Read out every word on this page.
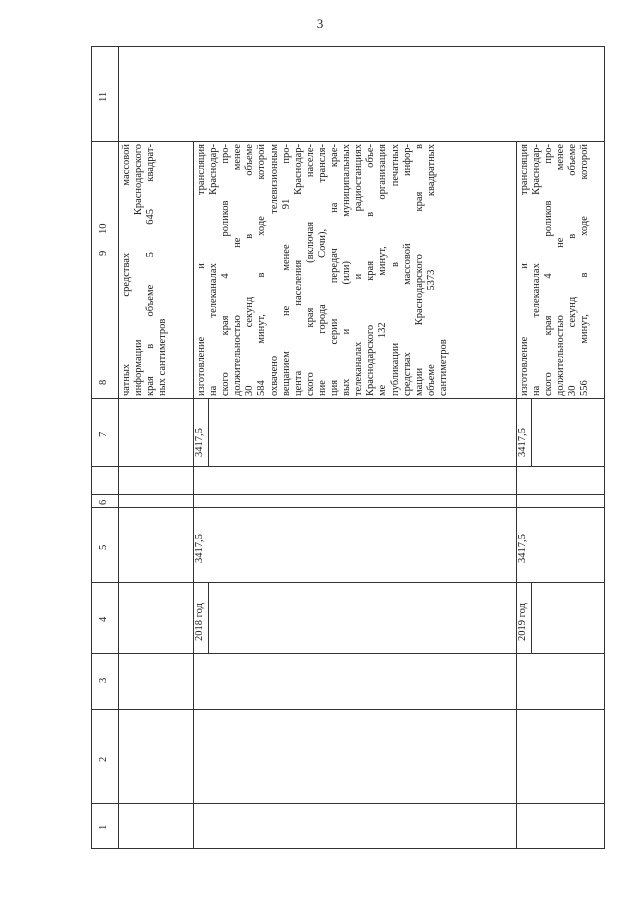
3
1
2
3
4
5
6
7
8
9
10
11
чатных средствах массовой информации Краснодарского края в объеме 5 645 квадрат- ных сантиметров
2018 год
3417,5
3417,5
изготовление и трансляция на телеканалах Краснодар- ского края 4 роликов про- должительностью не менее 30 секунд в объеме 584 минут, в ходе которой охвачено телевизионным вещанием не менее 91 про- цента населения Краснодар- ского края (включая населе- ние города Сочи), трансля- ция серии передач на крае- вых и (или) муниципальных телеканалах и радиостанциях Краснодарского края в объе- ме 132 минут, организация публикации в печатных средствах массовой инфор- мации Краснодарского края в объеме 5373 квадратных сантиметров
2019 год
3417,5
3417,5
изготовление и трансляция на телеканалах Краснодар- ского края 4 роликов про- должительностью не менее 30 секунд в объеме 556 минут, в ходе которой
